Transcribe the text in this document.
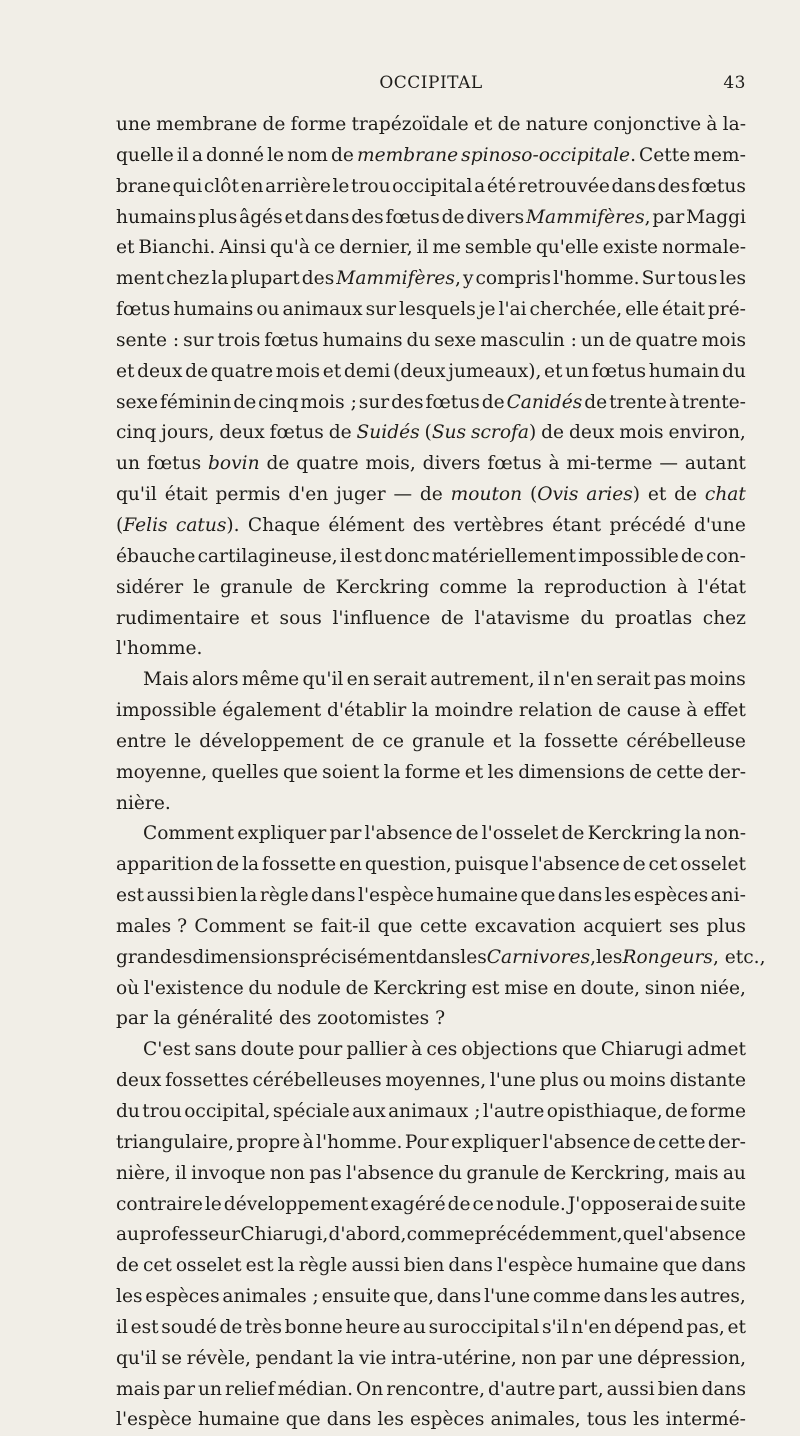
OCCIPITAL	43
une membrane de forme trapézoïdale et de nature conjonctive à la-
quelle il a donné le nom de membrane spinoso-occipitale. Cette mem-
brane qui clôt en arrière le trou occipital a été retrouvée dans des fœtus
humains plus âgés et dans des fœtus de divers Mammifères, par Maggi
et Bianchi. Ainsi qu'à ce dernier, il me semble qu'elle existe normale-
ment chez la plupart des Mammifères, y compris l'homme. Sur tous les
fœtus humains ou animaux sur lesquels je l'ai cherchée, elle était pré-
sente : sur trois fœtus humains du sexe masculin : un de quatre mois
et deux de quatre mois et demi (deux jumeaux), et un fœtus humain du
sexe féminin de cinq mois ; sur des fœtus de Canidés de trente à trente-
cinq jours, deux fœtus de Suidés (Sus scrofa) de deux mois environ,
un fœtus bovin de quatre mois, divers fœtus à mi-terme — autant
qu'il était permis d'en juger — de mouton (Ovis aries) et de chat
(Felis catus). Chaque élément des vertèbres étant précédé d'une
ébauche cartilagineuse, il est donc matériellement impossible de con-
sidérer le granule de Kerckring comme la reproduction à l'état
rudimentaire et sous l'influence de l'atavisme du proatlas chez
l'homme.
Mais alors même qu'il en serait autrement, il n'en serait pas moins
impossible également d'établir la moindre relation de cause à effet
entre le développement de ce granule et la fossette cérébelleuse
moyenne, quelles que soient la forme et les dimensions de cette der-
nière.
Comment expliquer par l'absence de l'osselet de Kerckring la non-
apparition de la fossette en question, puisque l'absence de cet osselet
est aussi bien la règle dans l'espèce humaine que dans les espèces ani-
males ? Comment se fait-il que cette excavation acquiert ses plus
grandes dimensions précisément dans les Carnivores, les Rongeurs, etc.,
où l'existence du nodule de Kerckring est mise en doute, sinon niée,
par la généralité des zootomistes ?
C'est sans doute pour pallier à ces objections que Chiarugi admet
deux fossettes cérébelleuses moyennes, l'une plus ou moins distante
du trou occipital, spéciale aux animaux ; l'autre opisthiaque, de forme
triangulaire, propre à l'homme. Pour expliquer l'absence de cette der-
nière, il invoque non pas l'absence du granule de Kerckring, mais au
contraire le développement exagéré de ce nodule. J'opposerai de suite
au professeur Chiarugi, d'abord, comme précédemment, que l'absence
de cet osselet est la règle aussi bien dans l'espèce humaine que dans
les espèces animales ; ensuite que, dans l'une comme dans les autres,
il est soudé de très bonne heure au suroccipital s'il n'en dépend pas, et
qu'il se révèle, pendant la vie intra-utérine, non par une dépression,
mais par un relief médian. On rencontre, d'autre part, aussi bien dans
l'espèce humaine que dans les espèces animales, tous les intermé-
